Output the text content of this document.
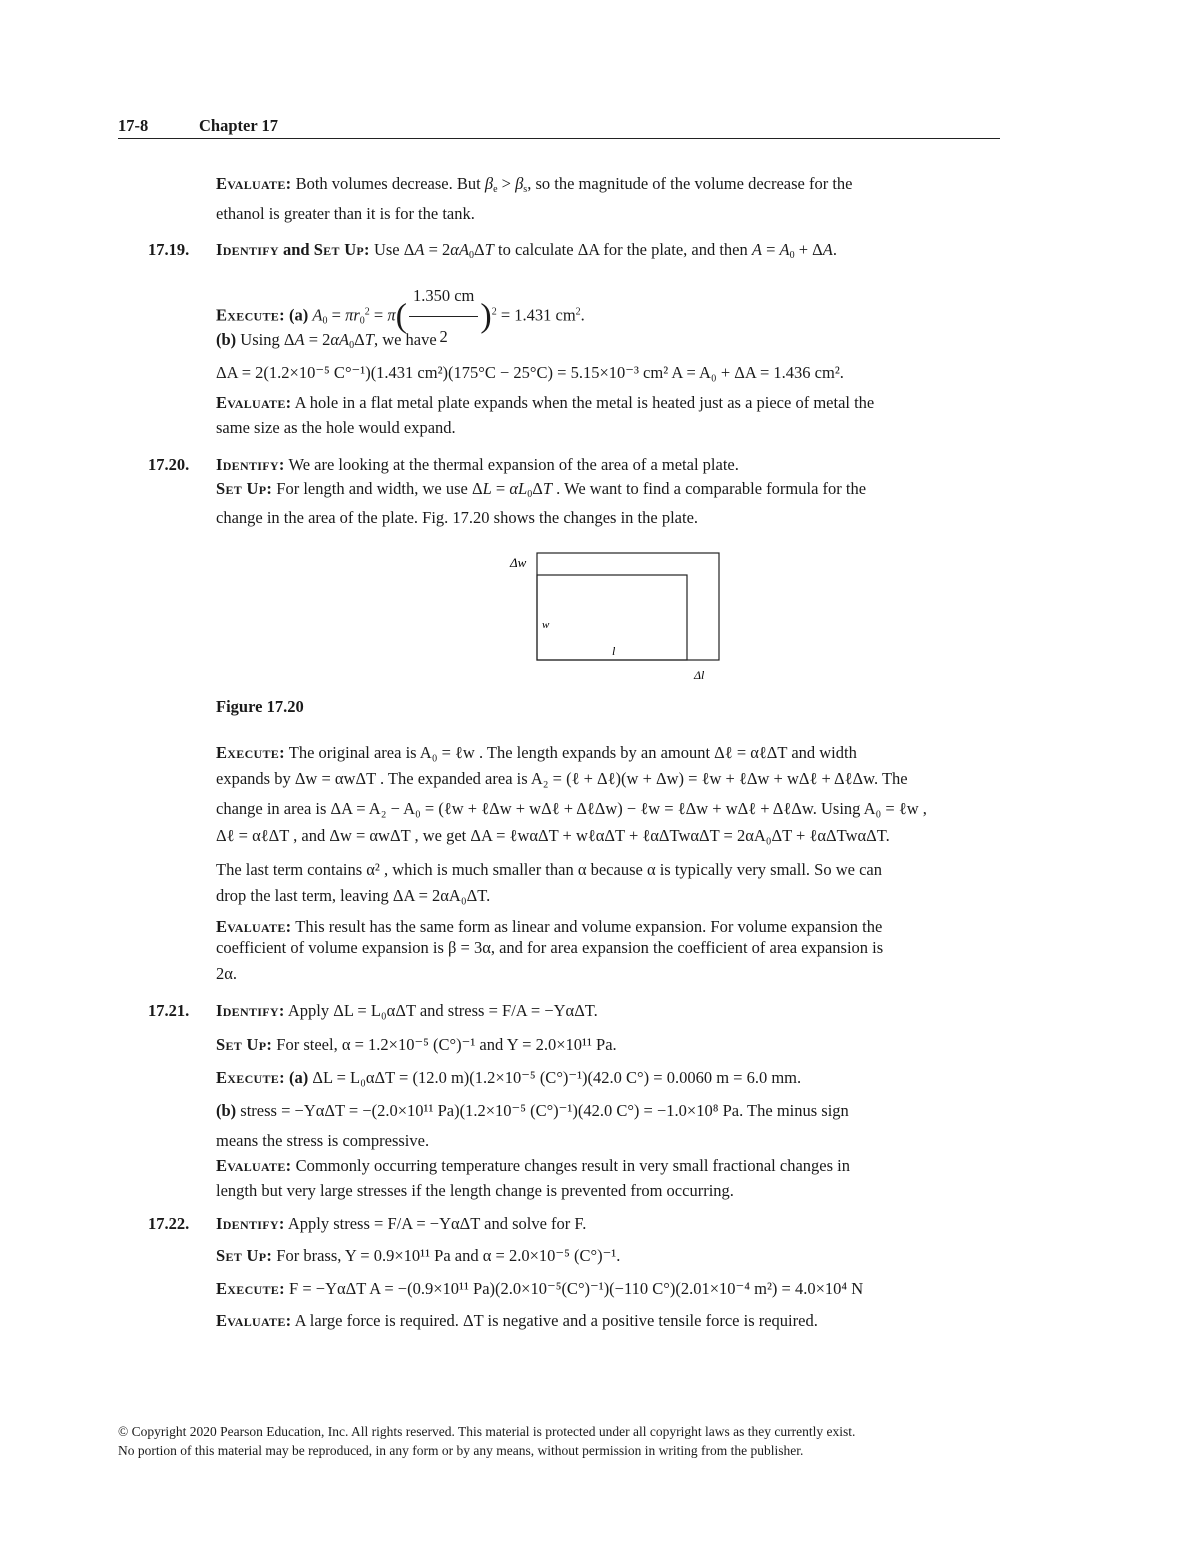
17-8	Chapter 17
Evaluate: Both volumes decrease. But $\beta_e > \beta_s$, so the magnitude of the volume decrease for the
ethanol is greater than it is for the tank.
17.19. Identify and Set Up: Use $\Delta A = 2\alpha A_0\Delta T$ to calculate ΔA for the plate, and then $A = A_0 + \Delta A$.
Execute: (a) $A_0 = \pi r_0^2 = \pi( \frac{1.350 cm}{2} )^2 = 1.431$ $cm^2$.
(b) Using $\Delta A = 2\alpha A_0\Delta T$, we have
ΔA = 2(1.2×10⁻⁵ C°⁻¹)(1.431 cm²)(175°C − 25°C) = 5.15×10⁻³ cm² A = A₀ + ΔA = 1.436 cm².
Evaluate: A hole in a flat metal plate expands when the metal is heated just as a piece of metal the
same size as the hole would expand.
17.20. Identify: We are looking at the thermal expansion of the area of a metal plate.
Set Up: For length and width, we use $\Delta L = \alpha L_0\Delta T$ . We want to find a comparable formula for the
change in the area of the plate. Fig. 17.20 shows the changes in the plate.
Δw
w
l
Δl
Figure 17.20
Execute: The original area is A₀ = ℓw . The length expands by an amount Δℓ = αℓΔT and width
expands by Δw = αwΔT . The expanded area is A₂ = (ℓ + Δℓ)(w + Δw) = ℓw + ℓΔw + wΔℓ + ΔℓΔw. The
change in area is ΔA = A₂ − A₀ = (ℓw + ℓΔw + wΔℓ + ΔℓΔw) − ℓw = ℓΔw + wΔℓ + ΔℓΔw. Using A₀ = ℓw ,
Δℓ = αℓΔT , and Δw = αwΔT , we get ΔA = ℓwαΔT + wℓαΔT + ℓαΔTwαΔT = 2αA₀ΔT + ℓαΔTwαΔT.
The last term contains α² , which is much smaller than α because α is typically very small. So we can
drop the last term, leaving ΔA = 2αA₀ΔT.
Evaluate: This result has the same form as linear and volume expansion. For volume expansion the
coefficient of volume expansion is β = 3α, and for area expansion the coefficient of area expansion is
2α.
17.21. Identify: Apply ΔL = L₀αΔT and stress = F/A = −YαΔT.
Set Up: For steel, α = 1.2×10⁻⁵ (C°)⁻¹ and Y = 2.0×10¹¹ Pa.
Execute: (a) ΔL = L₀αΔT = (12.0 m)(1.2×10⁻⁵ (C°)⁻¹)(42.0 C°) = 0.0060 m = 6.0 mm.
(b) stress = −YαΔT = −(2.0×10¹¹ Pa)(1.2×10⁻⁵ (C°)⁻¹)(42.0 C°) = −1.0×10⁸ Pa. The minus sign
means the stress is compressive.
Evaluate: Commonly occurring temperature changes result in very small fractional changes in
length but very large stresses if the length change is prevented from occurring.
17.22. Identify: Apply stress = F/A = −YαΔT and solve for F.
Set Up: For brass, Y = 0.9×10¹¹ Pa and α = 2.0×10⁻⁵ (C°)⁻¹.
Execute: F = −YαΔT A = −(0.9×10¹¹ Pa)(2.0×10⁻⁵(C°)⁻¹)(−110 C°)(2.01×10⁻⁴ m²) = 4.0×10⁴ N
Evaluate: A large force is required. ΔT is negative and a positive tensile force is required.
© Copyright 2020 Pearson Education, Inc. All rights reserved. This material is protected under all copyright laws as they currently exist.
No portion of this material may be reproduced, in any form or by any means, without permission in writing from the publisher.
